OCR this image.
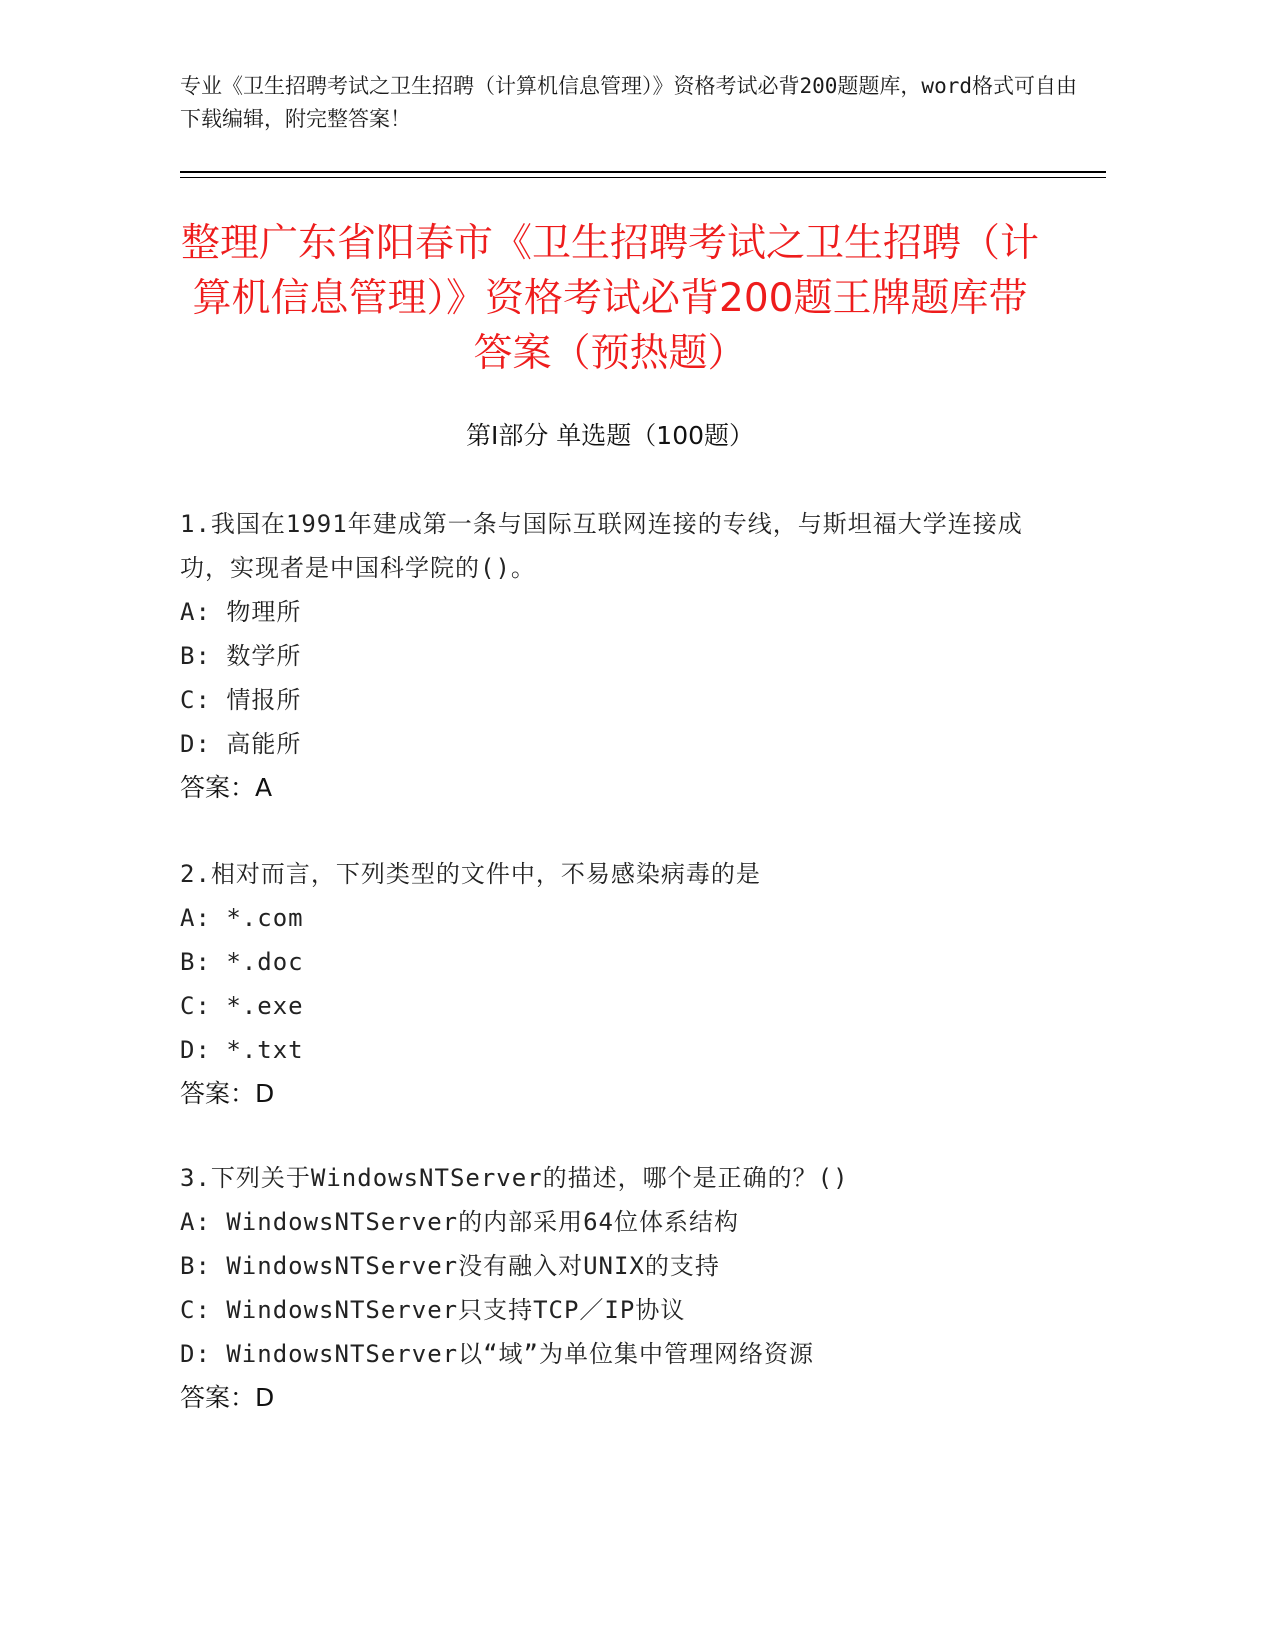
专业《卫生招聘考试之卫生招聘（计算机信息管理）》资格考试必背200题题库，word格式可自由下载编辑，附完整答案！
整理广东省阳春市《卫生招聘考试之卫生招聘（计算机信息管理）》资格考试必背200题王牌题库带答案（预热题）
第Ⅰ部分 单选题（100题）
1.我国在1991年建成第一条与国际互联网连接的专线，与斯坦福大学连接成功，实现者是中国科学院的()。
A: 物理所
B: 数学所
C: 情报所
D: 高能所
答案：A
2.相对而言，下列类型的文件中，不易感染病毒的是
A: *.com
B: *.doc
C: *.exe
D: *.txt
答案：D
3.下列关于WindowsNTServer的描述，哪个是正确的？()
A: WindowsNTServer的内部采用64位体系结构
B: WindowsNTServer没有融入对UNIX的支持
C: WindowsNTServer只支持TCP／IP协议
D: WindowsNTServer以“域”为单位集中管理网络资源
答案：D
